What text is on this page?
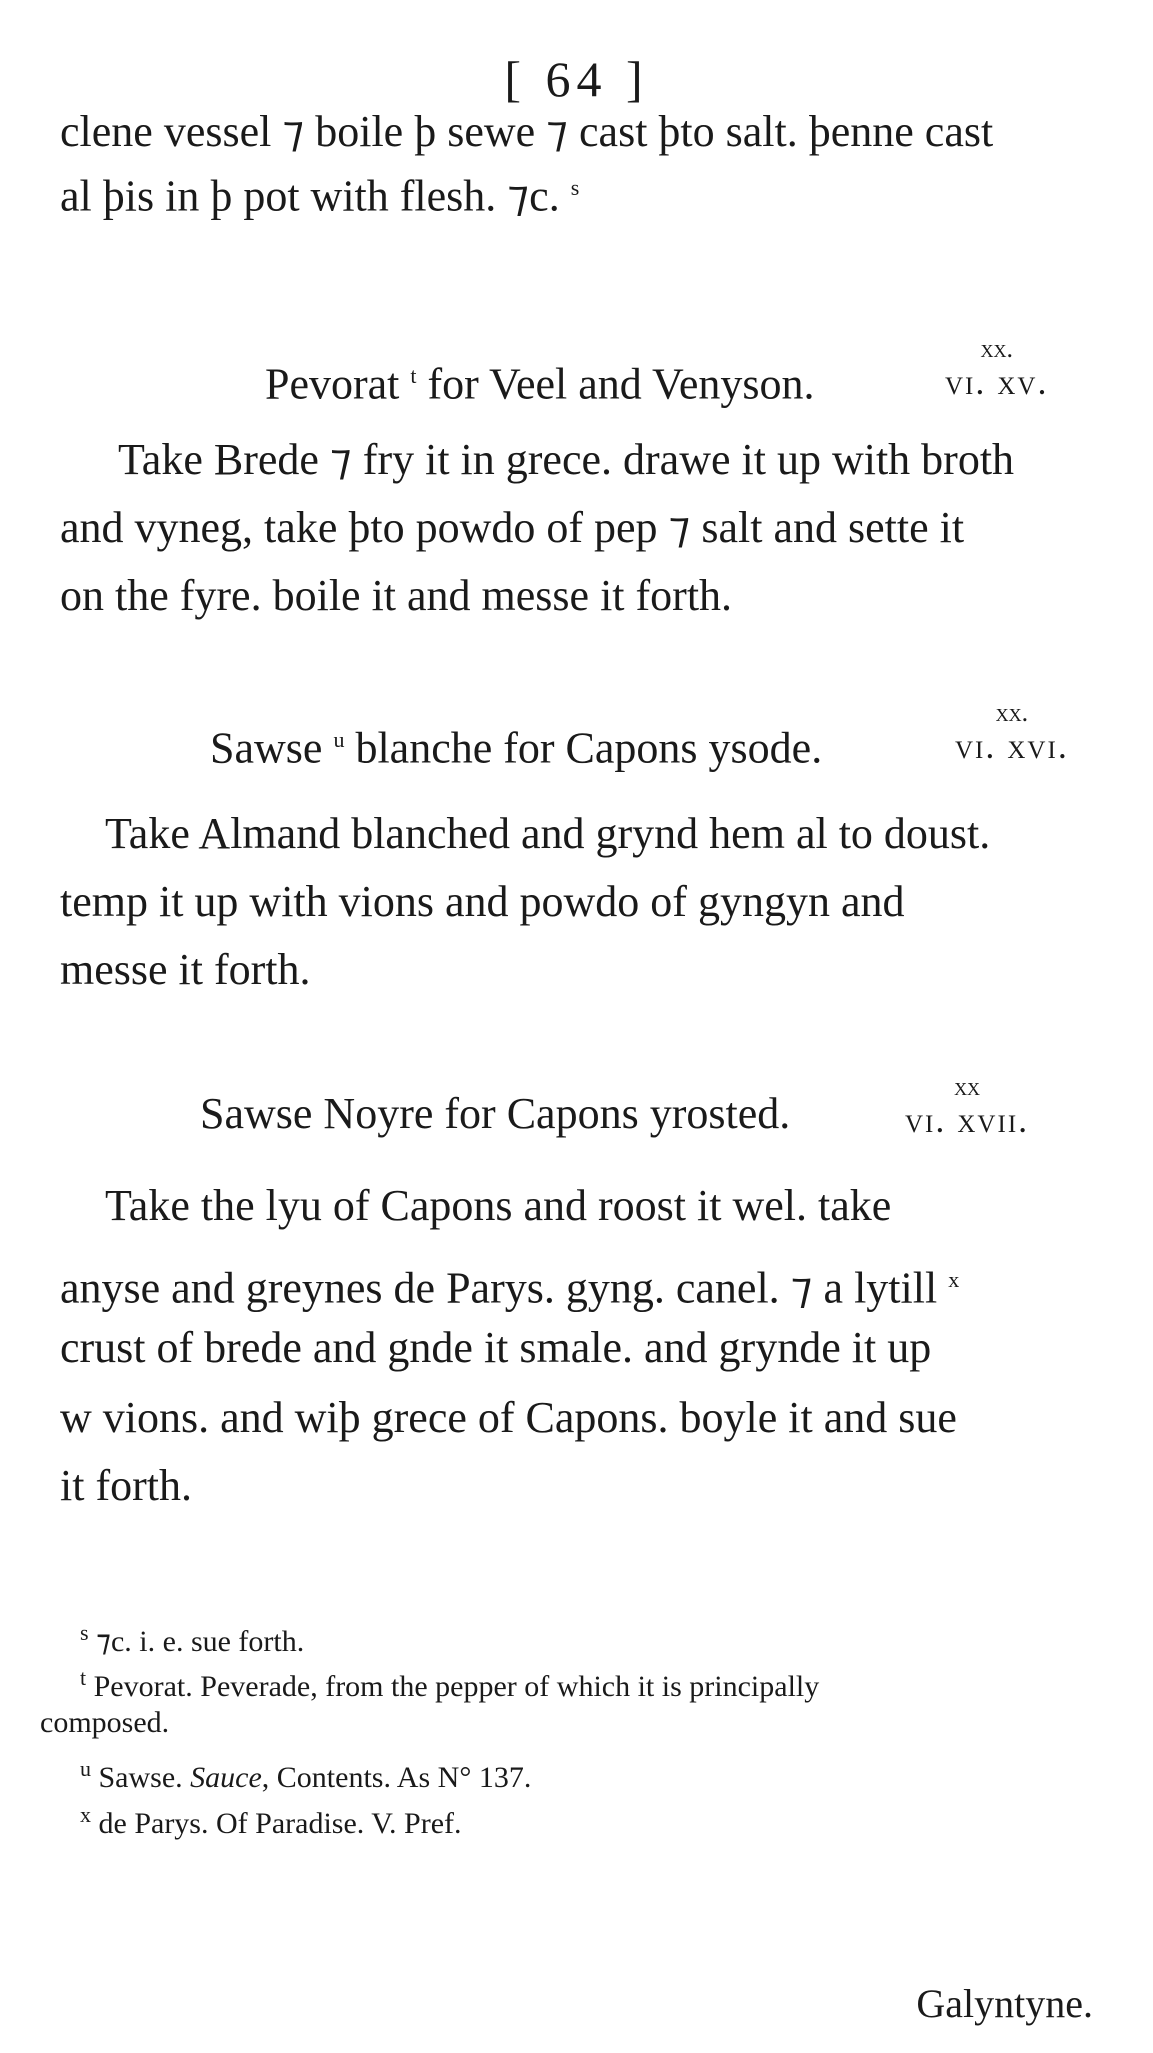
[ 64 ]
clene vessel ⁊ boile þ sewe ⁊ cast þto salt. þenne cast
al þis in þ pot with flesh. ⁊c. $^s$
Pevorat $^t$ for Veel and Venyson.
xx.
vi. xv.
Take Brede ⁊ fry it in grece. drawe it up with broth
and vyneg, take þto powdo of pep ⁊ salt and sette it
on the fyre. boile it and messe it forth.
Sawse $^u$ blanche for Capons ysode.
xx.
vi. xvi.
Take Almand blanched and grynd hem al to doust.
temp it up with vions and powdo of gyngyn and
messe it forth.
Sawse Noyre for Capons yrosted.
xx
vi. xvii.
Take the lyu of Capons and roost it wel. take
anyse and greynes de Parys. gyng. canel. ⁊ a lytill $^x$
crust of brede and gnde it smale. and grynde it up
w vions. and wiþ grece of Capons. boyle it and sue
it forth.
$^s$ ⁊c. i. e. sue forth.
$^t$ Pevorat. Peverade, from the pepper of which it is principally
composed.
$^u$ Sawse. Sauce, Contents. As N° 137.
$^x$ de Parys. Of Paradise. V. Pref.
Galyntyne.
